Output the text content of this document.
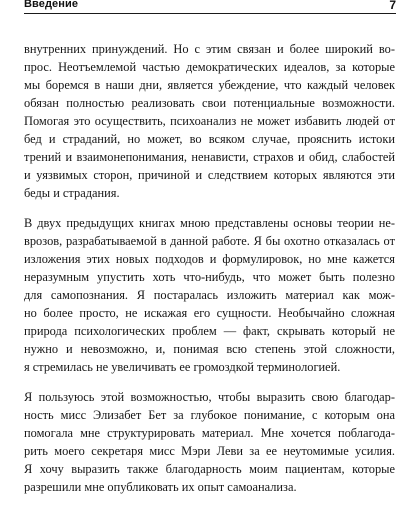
Введение	7
внутренних принуждений. Но с этим связан и более широкий во-
прос. Неотъемлемой частью демократических идеалов, за которые
мы боремся в наши дни, является убеждение, что каждый человек
обязан полностью реализовать свои потенциальные возможности.
Помогая это осуществить, психоанализ не может избавить людей от
бед и страданий, но может, во всяком случае, прояснить истоки
трений и взаимонепонимания, ненависти, страхов и обид, слабостей
и уязвимых сторон, причиной и следствием которых являются эти
беды и страдания.
В двух предыдущих книгах мною представлены основы теории не-
врозов, разрабатываемой в данной работе. Я бы охотно отказалась от
изложения этих новых подходов и формулировок, но мне кажется
неразумным упустить хоть что-нибудь, что может быть полезно
для самопознания. Я постаралась изложить материал как мож-
но более просто, не искажая его сущности. Необычайно сложная
природа психологических проблем — факт, скрывать который не
нужно и невозможно, и, понимая всю степень этой сложности,
я стремилась не увеличивать ее громоздкой терминологией.
Я пользуюсь этой возможностью, чтобы выразить свою благодар-
ность мисс Элизабет Бет за глубокое понимание, с которым она
помогала мне структурировать материал. Мне хочется поблагода-
рить моего секретаря мисс Мэри Леви за ее неутомимые усилия.
Я хочу выразить также благодарность моим пациентам, которые
разрешили мне опубликовать их опыт самоанализа.
